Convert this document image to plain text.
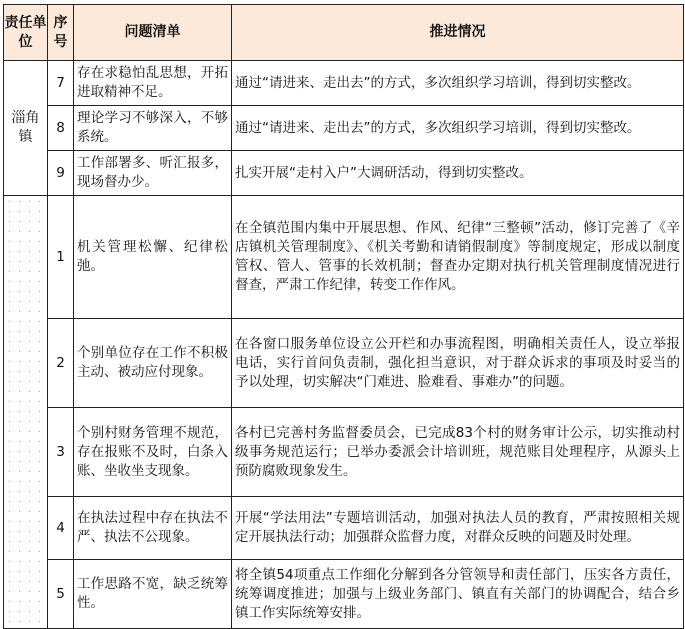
责任单位	序号	问题清单	推进情况
淄角镇	7	存在求稳怕乱思想，开拓进取精神不足。	通过“请进来、走出去”的方式，多次组织学习培训，得到切实整改。
	8	理论学习不够深入，不够系统。	通过“请进来、走出去”的方式，多次组织学习培训，得到切实整改。
	9	工作部署多、听汇报多，现场督办少。	扎实开展“走村入户”大调研活动，得到切实整改。
	1	机关管理松懈、纪律松弛。	在全镇范围内集中开展思想、作风、纪律“三整顿”活动，修订完善了《辛店镇机关管理制度》、《机关考勤和请销假制度》等制度规定，形成以制度管权、管人、管事的长效机制；督查办定期对执行机关管理制度情况进行督查，严肃工作纪律，转变工作作风。
	2	个别单位存在工作不积极主动、被动应付现象。	在各窗口服务单位设立公开栏和办事流程图，明确相关责任人，设立举报电话，实行首问负责制，强化担当意识，对于群众诉求的事项及时妥当的予以处理，切实解决“门难进、脸难看、事难办”的问题。
	3	个别村财务管理不规范，存在报账不及时，白条入账、坐收坐支现象。	各村已完善村务监督委员会，已完成83个村的财务审计公示，切实推动村级事务规范运行；已举办委派会计培训班，规范账目处理程序，从源头上预防腐败现象发生。
	4	在执法过程中存在执法不严、执法不公现象。	开展“学法用法”专题培训活动，加强对执法人员的教育，严肃按照相关规定开展执法行动；加强群众监督力度，对群众反映的问题及时处理。
	5	工作思路不宽，缺乏统筹性。	将全镇54项重点工作细化分解到各分管领导和责任部门，压实各方责任，统筹调度推进；加强与上级业务部门、镇直有关部门的协调配合，结合乡镇工作实际统筹安排。
